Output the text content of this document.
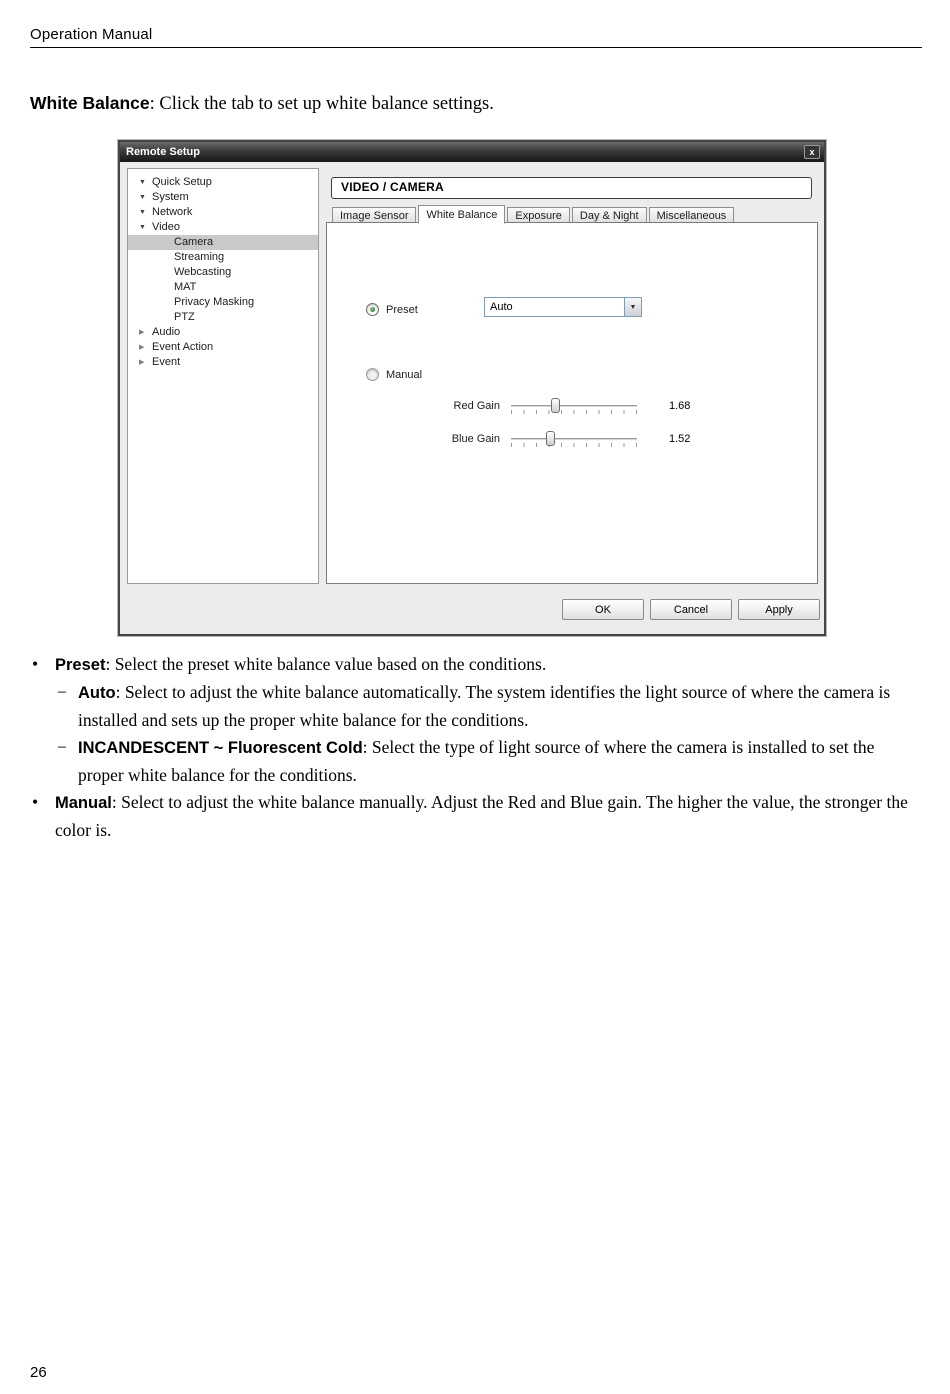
Operation Manual

White Balance: Click the tab to set up white balance settings.

Remote Setup	x
▼
Quick Setup
▼
System
▼
Network
▼
Video
Camera
Streaming
Webcasting
MAT
Privacy Masking
PTZ
▶
Audio
▶
Event Action
▶
Event
VIDEO / CAMERA
Image Sensor	White Balance	Exposure	Day & Night	Miscellaneous
Preset	Auto
▼
Manual
Red Gain	1.68
Blue Gain	1.52
OK	Cancel	Apply
• Preset: Select the preset white balance value based on the conditions.
− Auto: Select to adjust the white balance automatically. The system identifies the light source of where the camera is installed and sets up the proper white balance for the conditions.
− INCANDESCENT ~ Fluorescent Cold: Select the type of light source of where the camera is installed to set the proper white balance for the conditions.
• Manual: Select to adjust the white balance manually. Adjust the Red and Blue gain. The higher the value, the stronger the color is.
26
